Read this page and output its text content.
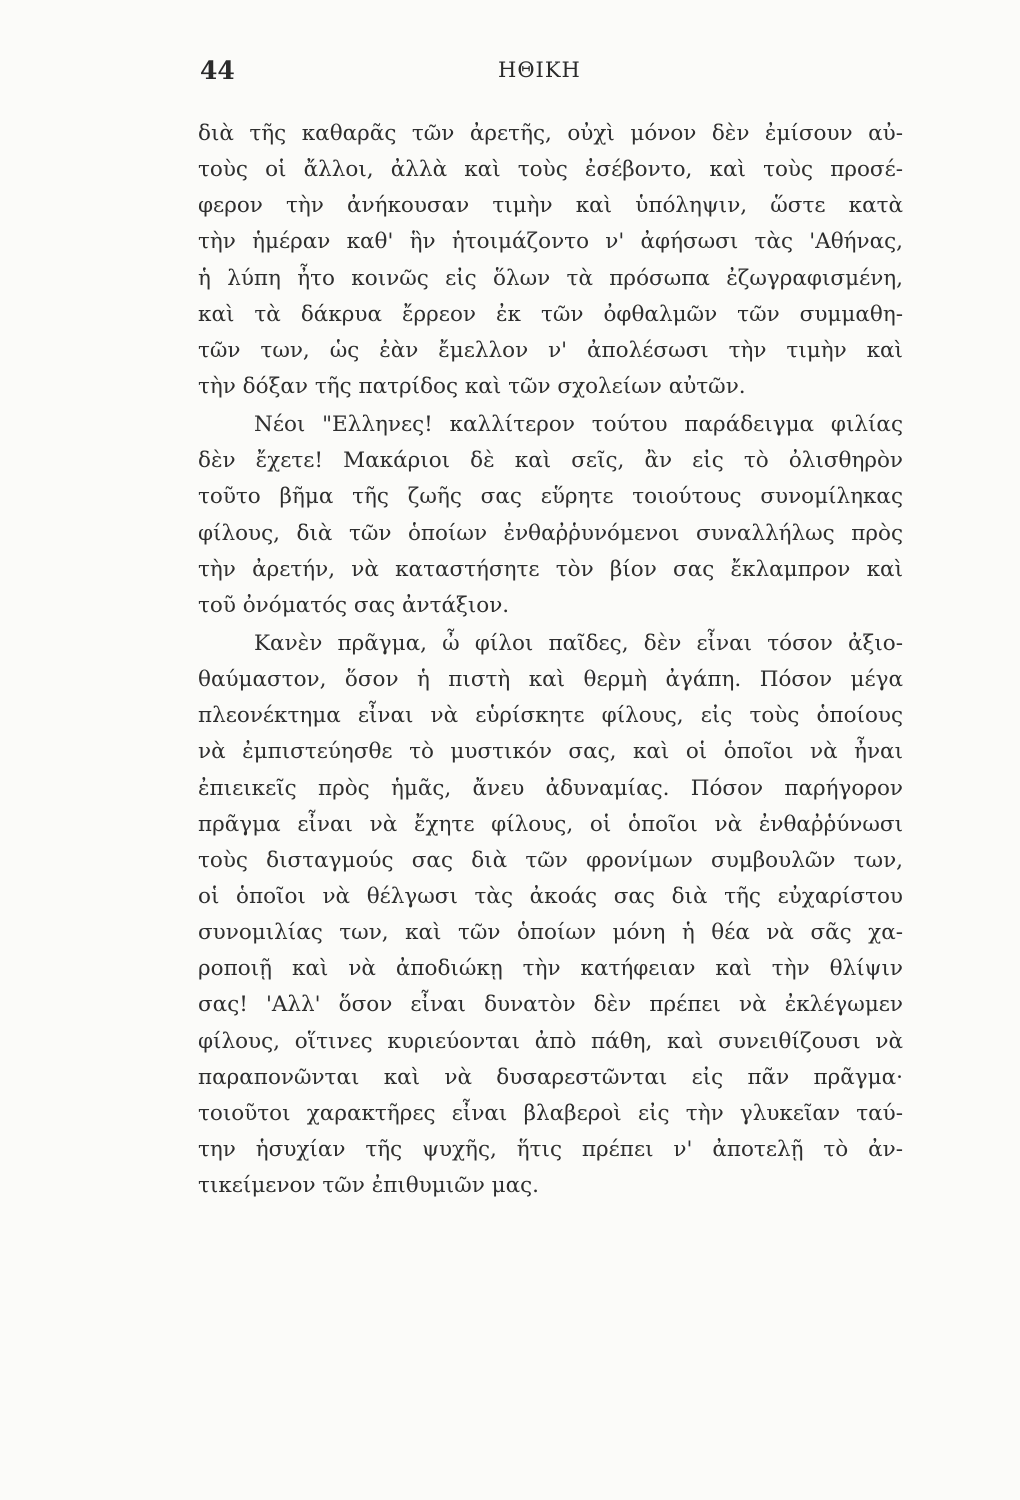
44	ΗΘΙΚΗ
διὰ τῆς καθαρᾶς τῶν ἀρετῆς, οὐχὶ μόνον δὲν ἐμίσουν αὐ-
τοὺς οἱ ἄλλοι, ἀλλὰ καὶ τοὺς ἐσέβοντο, καὶ τοὺς προσέ-
φερον τὴν ἀνήκουσαν τιμὴν καὶ ὑπόληψιν, ὥστε κατὰ
τὴν ἡμέραν καθ' ἣν ἡτοιμάζοντο ν' ἀφήσωσι τὰς 'Αθήνας,
ἡ λύπη ἦτο κοινῶς εἰς ὅλων τὰ πρόσωπα ἐζωγραφισμένη,
καὶ τὰ δάκρυα ἔρρεον ἐκ τῶν ὀφθαλμῶν τῶν συμμαθη-
τῶν των, ὡς ἐὰν ἔμελλον ν' ἀπολέσωσι τὴν τιμὴν καὶ
τὴν δόξαν τῆς πατρίδος καὶ τῶν σχολείων αὐτῶν.
Νέοι "Ελληνες! καλλίτερον τούτου παράδειγμα φιλίας
δὲν ἔχετε! Μακάριοι δὲ καὶ σεῖς, ἂν εἰς τὸ ὀλισθηρὸν
τοῦτο βῆμα τῆς ζωῆς σας εὕρητε τοιούτους συνομίληκας
φίλους, διὰ τῶν ὁποίων ἐνθαῤῥυνόμενοι συναλλήλως πρὸς
τὴν ἀρετήν, νὰ καταστήσητε τὸν βίον σας ἔκλαμπρον καὶ
τοῦ ὀνόματός σας ἀντάξιον.
Κανὲν πρᾶγμα, ὦ φίλοι παῖδες, δὲν εἶναι τόσον ἀξιο-
θαύμαστον, ὅσον ἡ πιστὴ καὶ θερμὴ ἀγάπη. Πόσον μέγα
πλεονέκτημα εἶναι νὰ εὑρίσκητε φίλους, εἰς τοὺς ὁποίους
νὰ ἐμπιστεύησθε τὸ μυστικόν σας, καὶ οἱ ὁποῖοι νὰ ἦναι
ἐπιεικεῖς πρὸς ἡμᾶς, ἄνευ ἀδυναμίας. Πόσον παρήγορον
πρᾶγμα εἶναι νὰ ἔχητε φίλους, οἱ ὁποῖοι νὰ ἐνθαῤῥύνωσι
τοὺς δισταγμούς σας διὰ τῶν φρονίμων συμβουλῶν των,
οἱ ὁποῖοι νὰ θέλγωσι τὰς ἀκοάς σας διὰ τῆς εὐχαρίστου
συνομιλίας των, καὶ τῶν ὁποίων μόνη ἡ θέα νὰ σᾶς χα-
ροποιῇ καὶ νὰ ἀποδιώκῃ τὴν κατήφειαν καὶ τὴν θλίψιν
σας! 'Αλλ' ὅσον εἶναι δυνατὸν δὲν πρέπει νὰ ἐκλέγωμεν
φίλους, οἵτινες κυριεύονται ἀπὸ πάθη, καὶ συνειθίζουσι νὰ
παραπονῶνται καὶ νὰ δυσαρεστῶνται εἰς πᾶν πρᾶγμα·
τοιοῦτοι χαρακτῆρες εἶναι βλαβεροὶ εἰς τὴν γλυκεῖαν ταύ-
την ἡσυχίαν τῆς ψυχῆς, ἥτις πρέπει ν' ἀποτελῇ τὸ ἀν-
τικείμενον τῶν ἐπιθυμιῶν μας.
